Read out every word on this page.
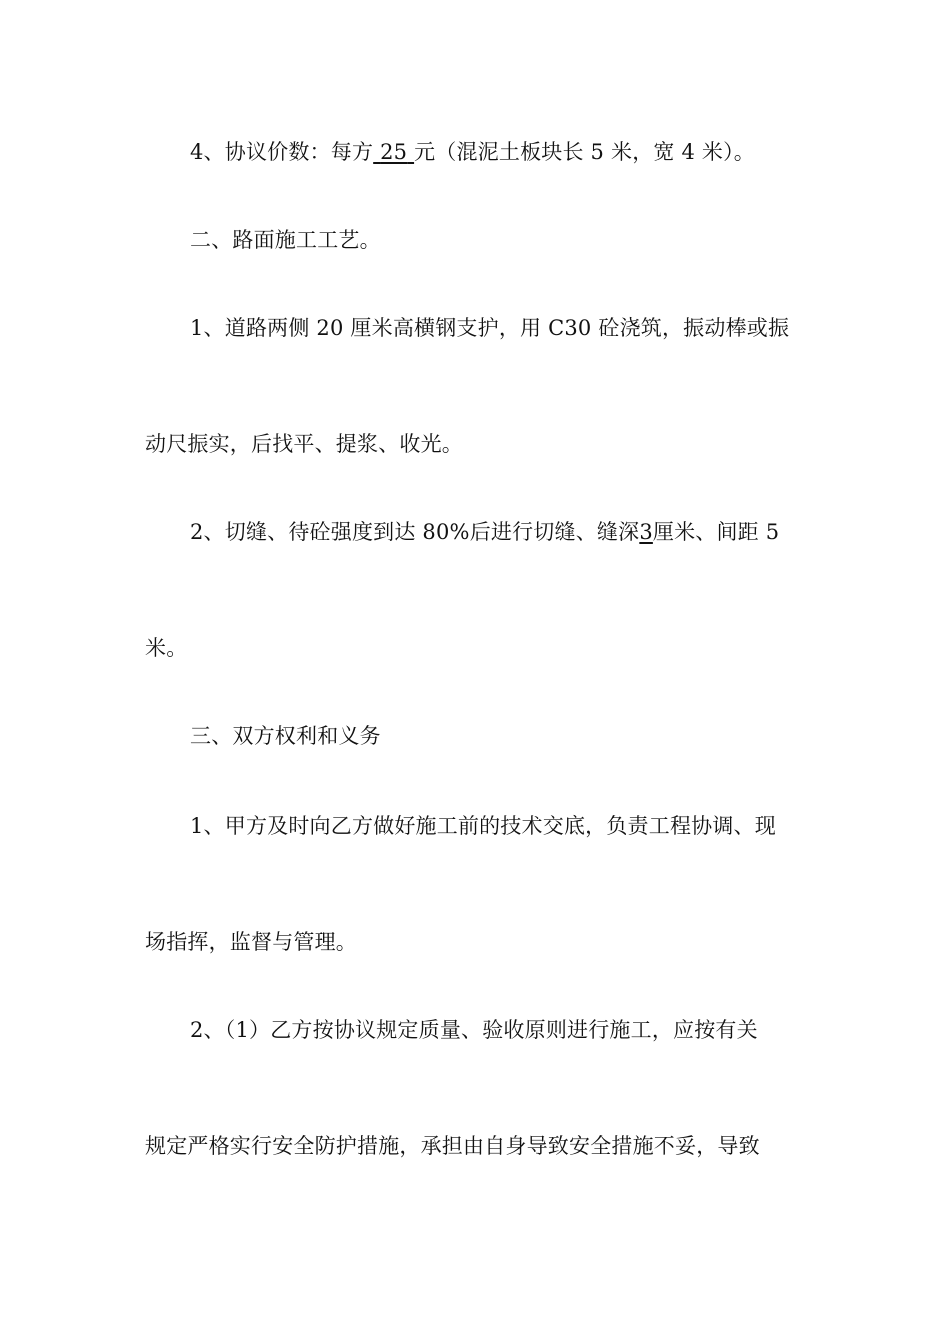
4、协议价数：每方 25 元（混泥土板块长 5 米，宽 4 米）。
二、路面施工工艺。
1、道路两侧 20 厘米高横钢支护，用 C30 砼浇筑，振动棒或振
动尺振实，后找平、提浆、收光。
2、切缝、待砼强度到达 80%后进行切缝、缝深3厘米、间距 5
米。
三、双方权利和义务
1、甲方及时向乙方做好施工前的技术交底，负责工程协调、现
场指挥，监督与管理。
2、（1）乙方按协议规定质量、验收原则进行施工，应按有关
规定严格实行安全防护措施，承担由自身导致安全措施不妥，导致
